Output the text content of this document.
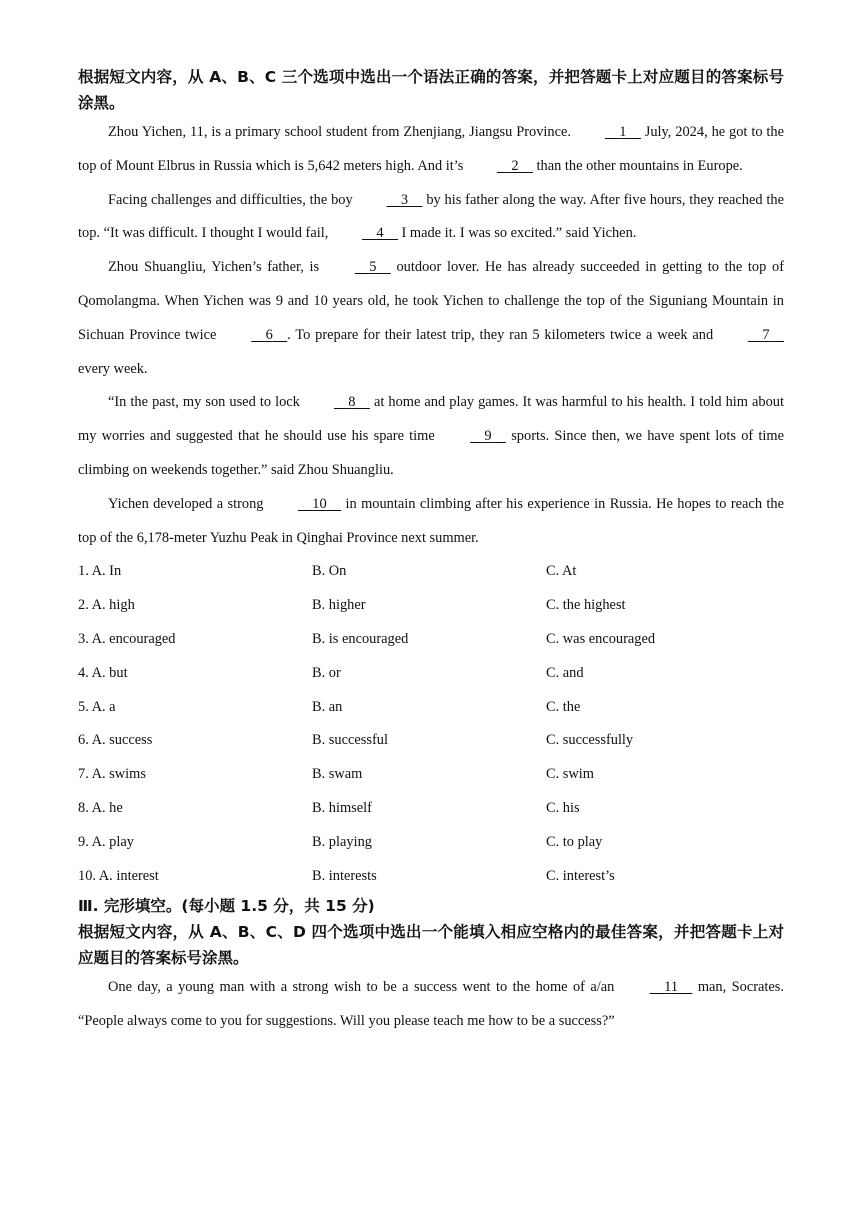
根据短文内容，从 A、B、C 三个选项中选出一个语法正确的答案，并把答题卡上对应题目的答案标号涂黑。

Zhou Yichen, 11, is a primary school student from Zhenjiang, Jiangsu Province.	1     July, 2024, he got to the top of Mount Elbrus in Russia which is 5,642 meters high. And it’s	2     than the other mountains in Europe.

Facing challenges and difficulties, the boy	3     by his father along the way. After five hours, they reached the top. “It was difficult. I thought I would fail,	4     I made it. I was so excited.” said Yichen.

Zhou Shuangliu, Yichen’s father, is	5     outdoor lover. He has already succeeded in getting to the top of Qomolangma. When Yichen was 9 and 10 years old, he took Yichen to challenge the top of the Siguniang Mountain in Sichuan Province twice	6 . To prepare for their latest trip, they ran 5 kilometers twice a week and	7     every week.

“In the past, my son used to lock	8     at home and play games. It was harmful to his health. I told him about my worries and suggested that he should use his spare time	9     sports. Since then, we have spent lots of time climbing on weekends together.” said Zhou Shuangliu.

Yichen developed a strong	10     in mountain climbing after his experience in Russia. He hopes to reach the top of the 6,178-meter Yuzhu Peak in Qinghai Province next summer.

1. A. In	B. On	C. At
2. A. high	B. higher	C. the highest
3. A. encouraged	B. is encouraged	C. was encouraged
4. A. but	B. or	C. and
5. A. a	B. an	C. the
6. A. success	B. successful	C. successfully
7. A. swims	B. swam	C. swim
8. A. he	B. himself	C. his
9. A. play	B. playing	C. to play
10. A. interest	B. interests	C. interest’s

Ⅲ. 完形填空。(每小题 1.5 分，共 15 分)

根据短文内容，从 A、B、C、D 四个选项中选出一个能填入相应空格内的最佳答案，并把答题卡上对应题目的答案标号涂黑。

One day, a young man with a strong wish to be a success went to the home of a/an	11     man, Socrates. “People always come to you for suggestions. Will you please teach me how to be a success?”
